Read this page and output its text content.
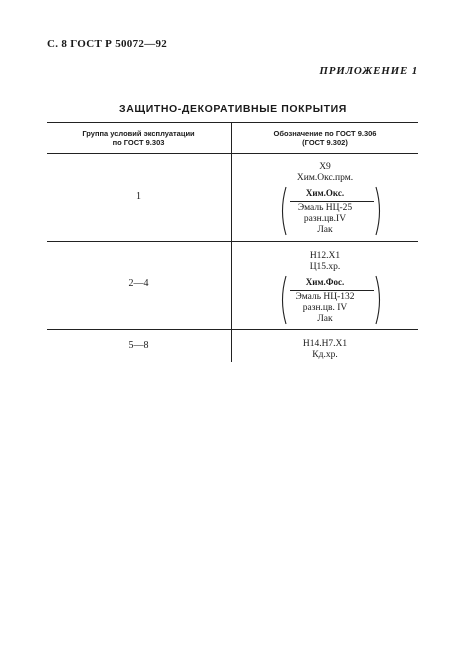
С. 8 ГОСТ Р 50072—92
ПРИЛОЖЕНИЕ 1
ЗАЩИТНО-ДЕКОРАТИВНЫЕ ПОКРЫТИЯ
Группа условий эксплуатации
по ГОСТ 9.303
Обозначение по ГОСТ 9.306
(ГОСТ 9.302)
1
Х9
Хим.Окс.прм.
Хим.Окс.
Эмаль НЦ-25
разн.цв.IV
Лак
2—4
Н12.Х1
Ц15.хр.
Хим.Фос.
Эмаль НЦ-132
разн.цв. IV
Лак
5—8	Н14.Н7.Х1
Кд.хр.
